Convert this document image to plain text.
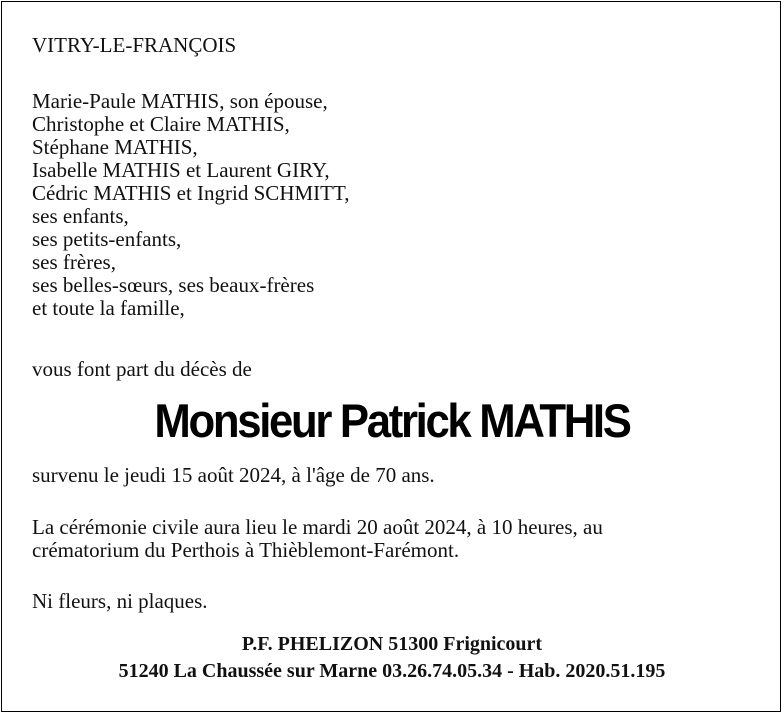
VITRY-LE-FRANÇOIS
Marie-Paule MATHIS, son épouse,
Christophe et Claire MATHIS,
Stéphane MATHIS,
Isabelle MATHIS et Laurent GIRY,
Cédric MATHIS et Ingrid SCHMITT,
ses enfants,
ses petits-enfants,
ses frères,
ses belles-sœurs, ses beaux-frères
et toute la famille,
vous font part du décès de
Monsieur Patrick MATHIS
survenu le jeudi 15 août 2024, à l'âge de 70 ans.
La cérémonie civile aura lieu le mardi 20 août 2024, à 10 heures, au
crématorium du Perthois à Thièblemont-Farémont.
Ni fleurs, ni plaques.
P.F. PHELIZON 51300 Frignicourt
51240 La Chaussée sur Marne 03.26.74.05.34 - Hab. 2020.51.195
